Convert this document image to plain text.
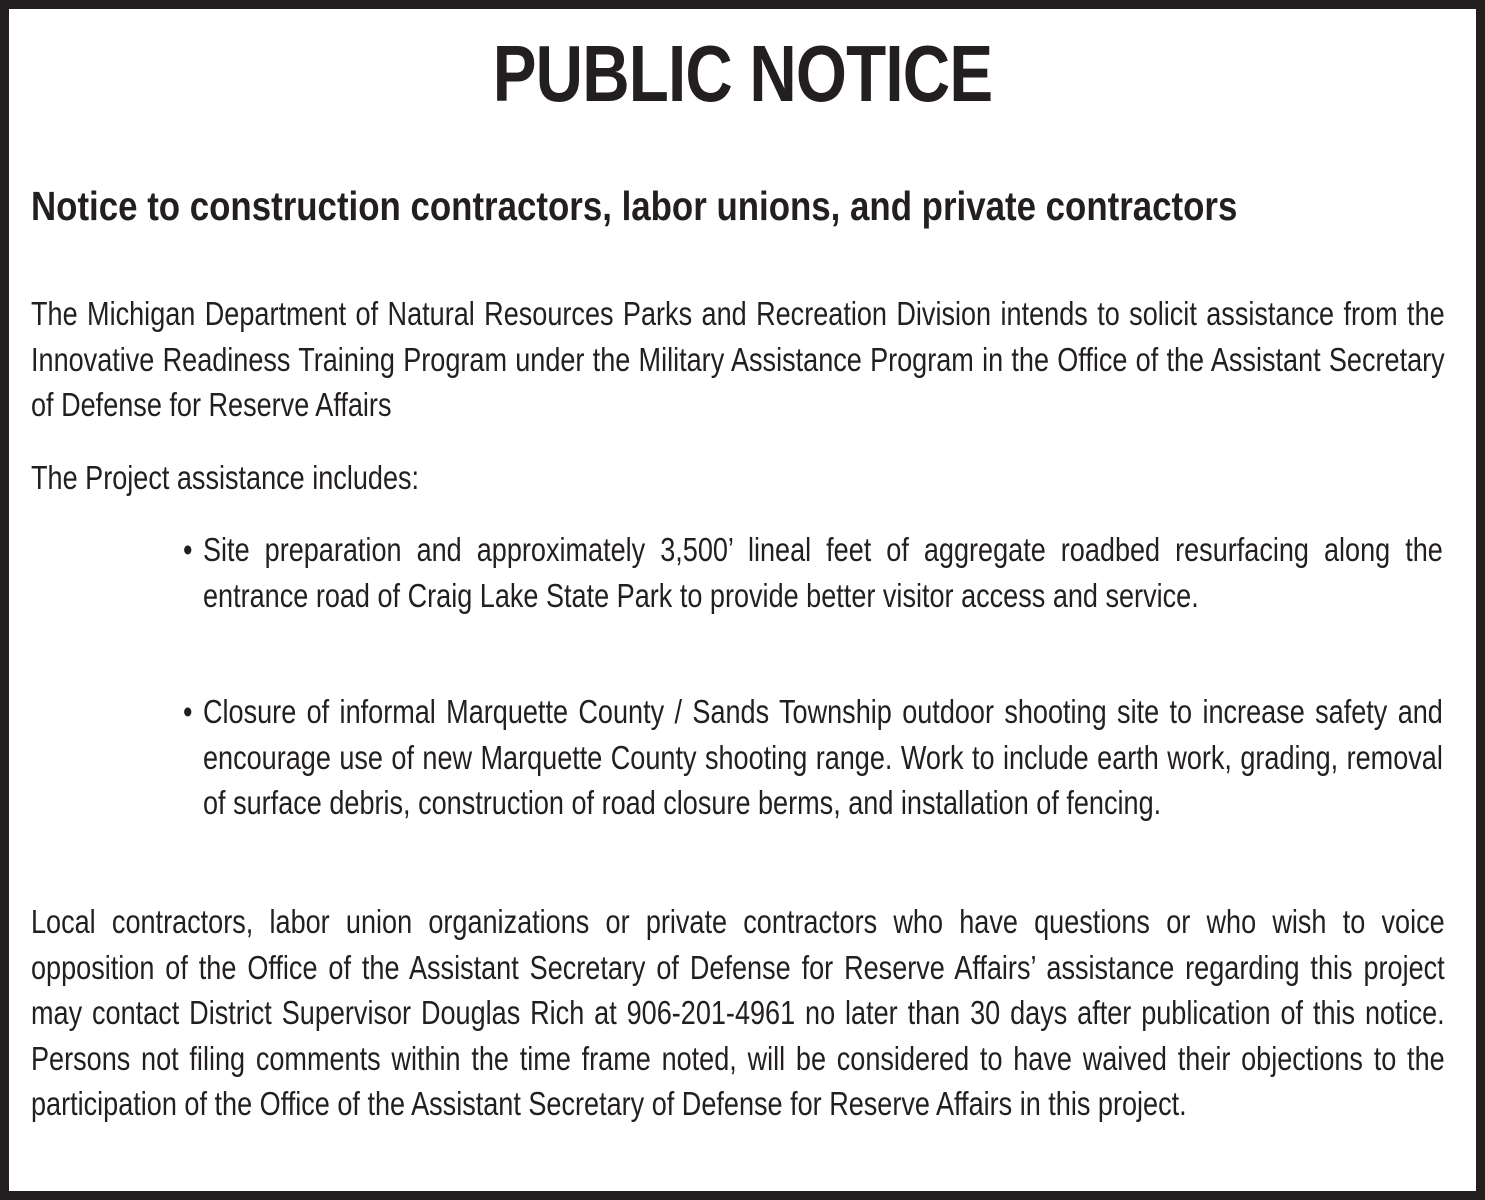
PUBLIC NOTICE
Notice to construction contractors, labor unions, and private contractors

The Michigan Department of Natural Resources Parks and Recreation Division intends to solicit assistance from the Innovative Readiness Training Program under the Military Assistance Program in the Office of the Assistant Secretary of Defense for Reserve Affairs

The Project assistance includes:

• Site preparation and approximately 3,500’ lineal feet of aggregate roadbed resurfacing along the entrance road of Craig Lake State Park to provide better visitor access and service.

• Closure of informal Marquette County / Sands Township outdoor shooting site to increase safety and encourage use of new Marquette County shooting range. Work to include earth work, grading, removal of surface debris, construction of road closure berms, and installation of fencing.

Local contractors, labor union organizations or private contractors who have questions or who wish to voice opposition of the Office of the Assistant Secretary of Defense for Reserve Affairs’ assistance regarding this project may contact District Supervisor Douglas Rich at 906-201-4961 no later than 30 days after publication of this notice. Persons not filing comments within the time frame noted, will be considered to have waived their objections to the participation of the Office of the Assistant Secretary of Defense for Reserve Affairs in this project.
